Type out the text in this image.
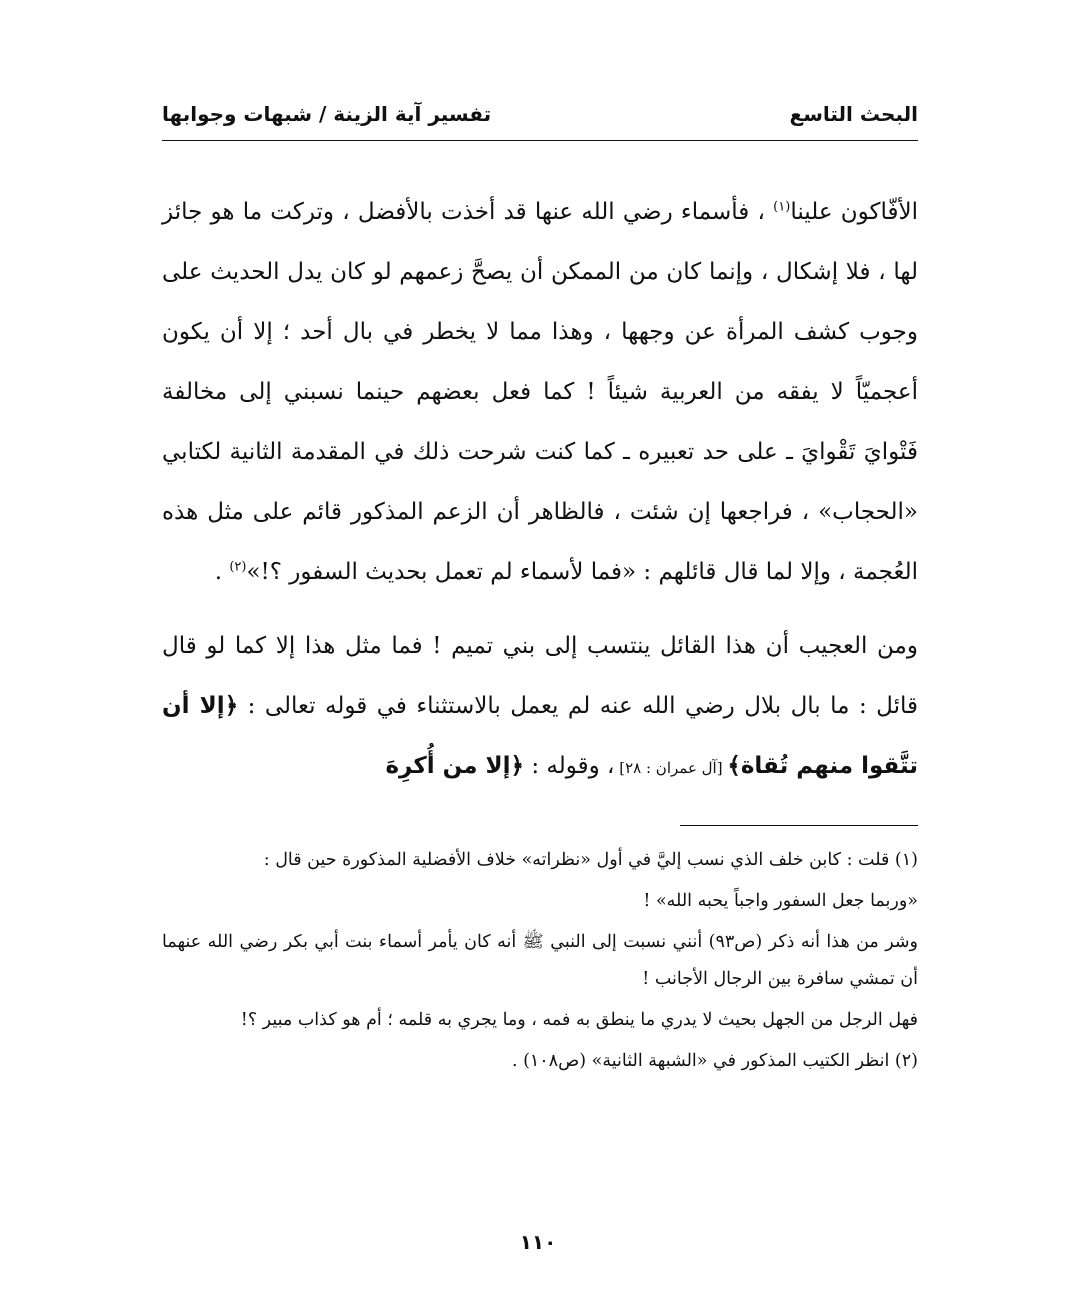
البحث التاسع
تفسير آية الزينة / شبهات وجوابها

الأفّاكون علينا$^{(١)}$ ، فأسماء رضي الله عنها قد أخذت بالأفضل ، وتركت ما هو جائز لها ، فلا إشكال ، وإنما كان من الممكن أن يصحَّ زعمهم لو كان يدل الحديث على وجوب كشف المرأة عن وجهها ، وهذا مما لا يخطر في بال أحد ؛ إلا أن يكون أعجميّاً لا يفقه من العربية شيئاً ! كما فعل بعضهم حينما نسبني إلى مخالفة فَتْوايَ تَقْوايَ ـ على حد تعبيره ـ كما كنت شرحت ذلك في المقدمة الثانية لكتابي «الحجاب» ، فراجعها إن شئت ، فالظاهر أن الزعم المذكور قائم على مثل هذه العُجمة ، وإلا لما قال قائلهم : «فما لأسماء لم تعمل بحديث السفور ؟!»$^{(٢)}$ .

ومن العجيب أن هذا القائل ينتسب إلى بني تميم ! فما مثل هذا إلا كما لو قال قائل : ما بال بلال رضي الله عنه لم يعمل بالاستثناء في قوله تعالى : ﴿إلا أن تتَّقوا منهم تُقاة﴾ [آل عمران : ٢٨] ، وقوله : ﴿إلا من أُكرِهَ

(١) قلت : كابن خلف الذي نسب إليَّ في أول «نظراته» خلاف الأفضلية المذكورة حين قال :

«وربما جعل السفور واجباً يحبه الله» !

وشر من هذا أنه ذكر (ص٩٣) أنني نسبت إلى النبي ﷺ أنه كان يأمر أسماء بنت أبي بكر رضي الله عنهما أن تمشي سافرة بين الرجال الأجانب !

فهل الرجل من الجهل بحيث لا يدري ما ينطق به فمه ، وما يجري به قلمه ؛ أم هو كذاب مبير ؟!

(٢) انظر الكتيب المذكور في «الشبهة الثانية» (ص١٠٨) .

١١٠
